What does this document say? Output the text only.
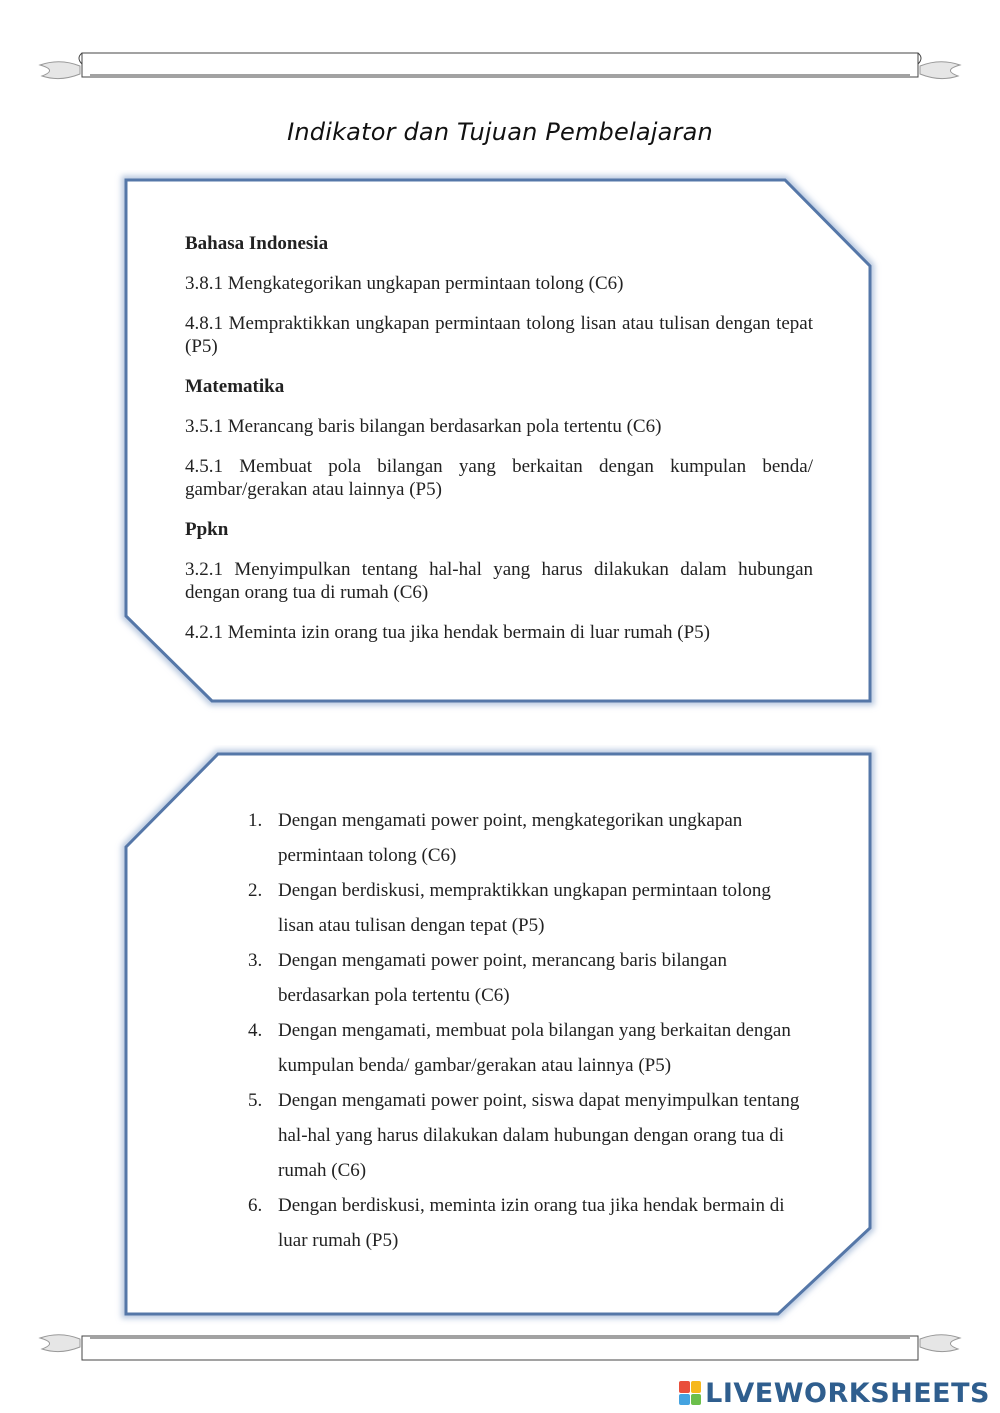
Indikator dan Tujuan Pembelajaran
Bahasa Indonesia
3.8.1 Mengkategorikan ungkapan permintaan tolong (C6)
4.8.1 Mempraktikkan ungkapan permintaan tolong lisan atau tulisan dengan tepat (P5)
Matematika
3.5.1 Merancang baris bilangan berdasarkan pola tertentu (C6)
4.5.1 Membuat pola bilangan yang berkaitan dengan kumpulan benda/ gambar/gerakan atau lainnya (P5)
Ppkn
3.2.1 Menyimpulkan tentang hal-hal yang harus dilakukan dalam hubungan dengan orang tua di rumah (C6)
4.2.1 Meminta izin orang tua jika hendak bermain di luar rumah (P5)
1. Dengan mengamati power point, mengkategorikan ungkapan permintaan tolong (C6)
2. Dengan berdiskusi, mempraktikkan ungkapan permintaan tolong lisan atau tulisan dengan tepat (P5)
3. Dengan mengamati power point, merancang baris bilangan berdasarkan pola tertentu (C6)
4. Dengan mengamati, membuat pola bilangan yang berkaitan dengan kumpulan benda/ gambar/gerakan atau lainnya (P5)
5. Dengan mengamati power point, siswa dapat menyimpulkan tentang hal-hal yang harus dilakukan dalam hubungan dengan orang tua di rumah (C6)
6. Dengan berdiskusi, meminta izin orang tua jika hendak bermain di luar rumah (P5)
LIVEWORKSHEETS
